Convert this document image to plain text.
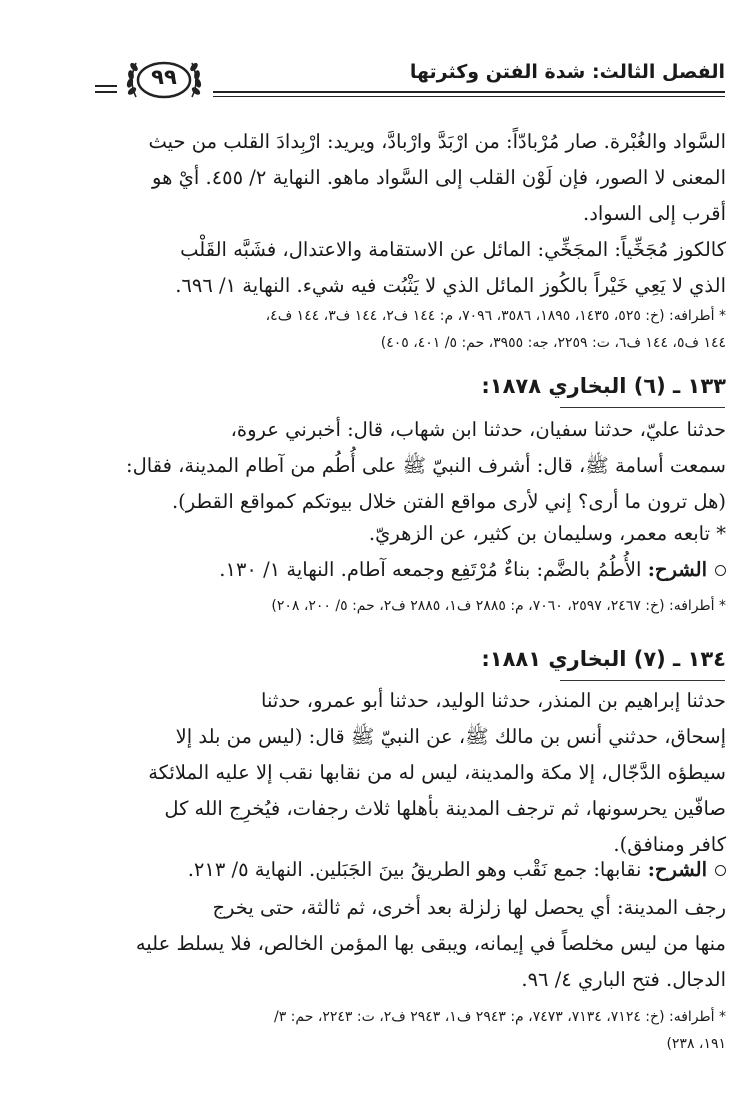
الفصل الثالث: شدة الفتن وكثرتها
٩٩
السَّواد والغُبْرة. صار مُرْبادّاً: من ارْبَدَّ وارْبادَّ، ويريد: ارْبِدادَ القلب من حيث
المعنى لا الصور، فإن لَوْن القلب إلى السَّواد ماهو. النهاية ٢/ ٤٥٥. أيْ هو
أقرب إلى السواد.
كالكوز مُجَخِّياً: المجَخِّي: المائل عن الاستقامة والاعتدال، فشَبَّه القَلْب
الذي لا يَعِي خَيْراً بالكُوز المائل الذي لا يَثْبُت فيه شيء. النهاية ١/ ٦٩٦.
* أطرافه: (خ: ٥٢٥، ١٤٣٥، ١٨٩٥، ٣٥٨٦، ٧٠٩٦، م: ١٤٤ ف٢، ١٤٤ ف٣، ١٤٤ ف٤،
١٤٤ ف٥، ١٤٤ ف٦، ت: ٢٢٥٩، جه: ٣٩٥٥، حم: ٥/ ٤٠١، ٤٠٥)
١٣٣ ـ (٦) البخاري ١٨٧٨:
حدثنا عليّ، حدثنا سفيان، حدثنا ابن شهاب، قال: أخبرني عروة،
سمعت أسامة ﷺ، قال: أشرف النبيّ ﷺ على أُطُم من آطام المدينة، فقال:
(هل ترون ما أرى؟ إني لأرى مواقع الفتن خلال بيوتكم كمواقع القطر).
* تابعه معمر، وسليمان بن كثير، عن الزهريّ.
الشرح: الأُطُمُ بالضَّم: بناءٌ مُرْتَفِع وجمعه آطام. النهاية ١/ ١٣٠.
* أطرافه: (خ: ٢٤٦٧، ٢٥٩٧، ٧٠٦٠، م: ٢٨٨٥ ف١، ٢٨٨٥ ف٢، حم: ٥/ ٢٠٠، ٢٠٨)
١٣٤ ـ (٧) البخاري ١٨٨١:
حدثنا إبراهيم بن المنذر، حدثنا الوليد، حدثنا أبو عمرو، حدثنا
إسحاق، حدثني أنس بن مالك ﷺ، عن النبيّ ﷺ قال: (ليس من بلد إلا
سيطؤه الدَّجّال، إلا مكة والمدينة، ليس له من نقابها نقب إلا عليه الملائكة
صافّين يحرسونها، ثم ترجف المدينة بأهلها ثلاث رجفات، فيُخرِج الله كل
كافر ومنافق).
الشرح: نقابها: جمع نَقْب وهو الطريقُ بينَ الجَبَلين. النهاية ٥/ ٢١٣.
رجف المدينة: أي يحصل لها زلزلة بعد أخرى، ثم ثالثة، حتى يخرج
منها من ليس مخلصاً في إيمانه، ويبقى بها المؤمن الخالص، فلا يسلط عليه
الدجال. فتح الباري ٤/ ٩٦.
* أطرافه: (خ: ٧١٢٤، ٧١٣٤، ٧٤٧٣، م: ٢٩٤٣ ف١، ٢٩٤٣ ف٢، ت: ٢٢٤٣، حم: ٣/
١٩١، ٢٣٨)
